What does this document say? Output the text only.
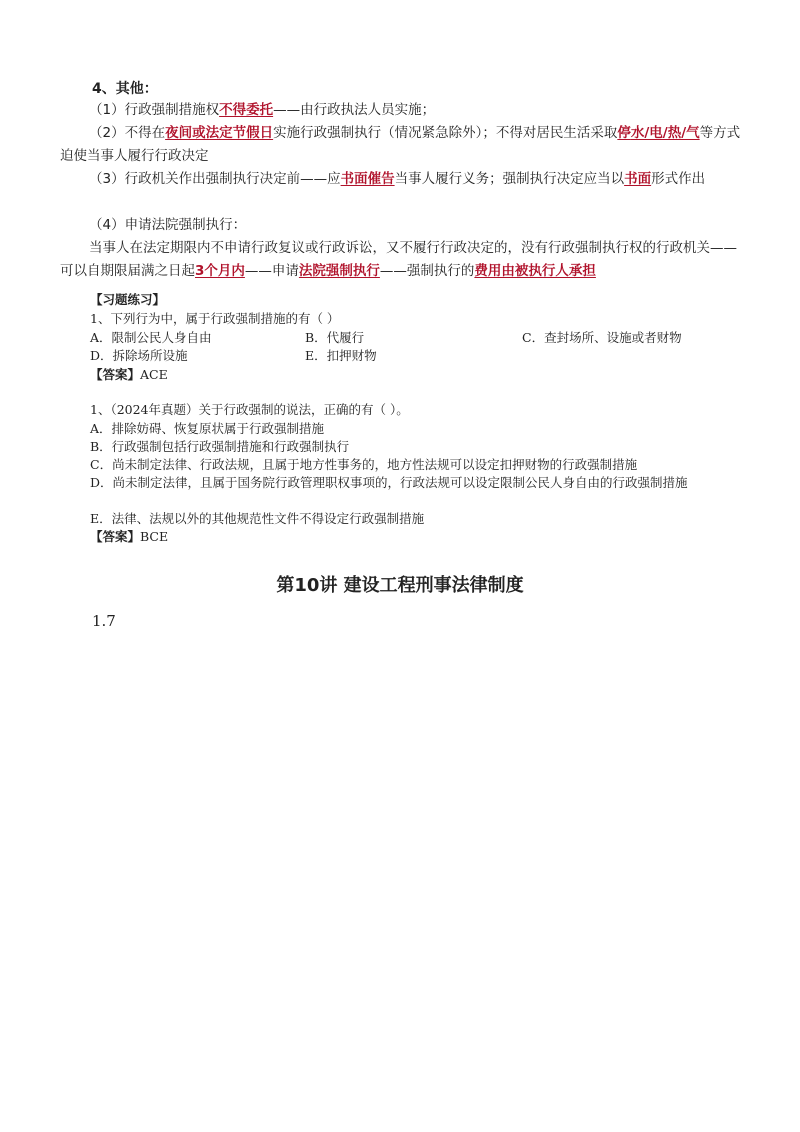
4、其他：
（1）行政强制措施权不得委托——由行政执法人员实施；
（2）不得在夜间或法定节假日实施行政强制执行（情况紧急除外）；不得对居民生活采取停水/电/热/气等方式迫使当事人履行行政决定
（3）行政机关作出强制执行决定前——应书面催告当事人履行义务；强制执行决定应当以书面形式作出
（4）申请法院强制执行：
当事人在法定期限内不申请行政复议或行政诉讼，又不履行行政决定的，没有行政强制执行权的行政机关——可以自期限届满之日起3个月内——申请法院强制执行——强制执行的费用由被执行人承担
【习题练习】
1、下列行为中，属于行政强制措施的有（ ）
A．限制公民人身自由	B．代履行	C．查封场所、设施或者财物
D．拆除场所设施	E．扣押财物
【答案】ACE
1、（2024年真题）关于行政强制的说法，正确的有（ ）。
A．排除妨碍、恢复原状属于行政强制措施
B．行政强制包括行政强制措施和行政强制执行
C．尚未制定法律、行政法规，且属于地方性事务的，地方性法规可以设定扣押财物的行政强制措施
D．尚未制定法律，且属于国务院行政管理职权事项的，行政法规可以设定限制公民人身自由的行政强制措施
E．法律、法规以外的其他规范性文件不得设定行政强制措施
【答案】BCE
第10讲 建设工程刑事法律制度
1.7
